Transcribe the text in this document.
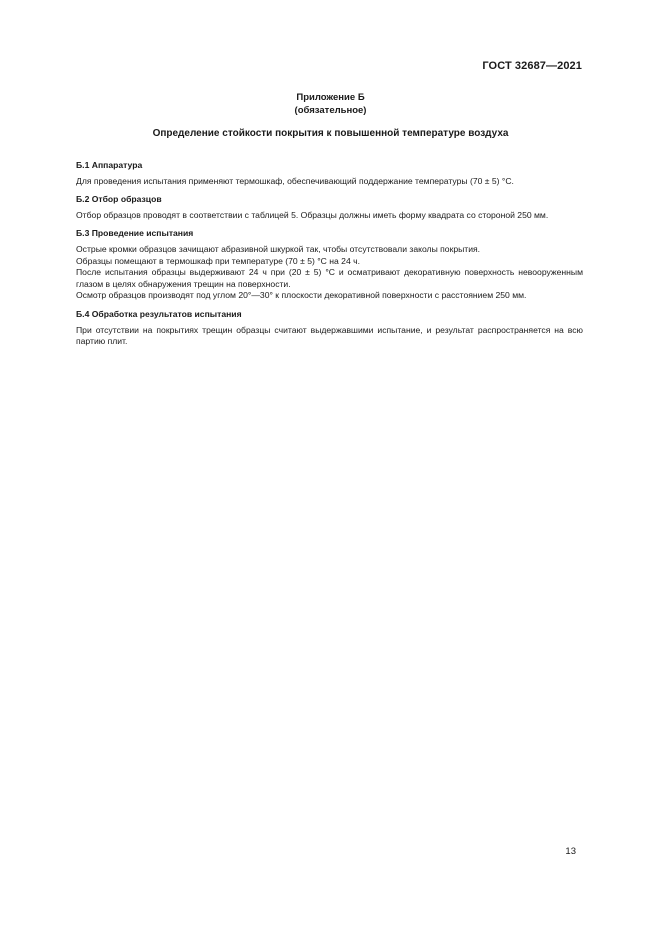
ГОСТ 32687—2021
Приложение Б
(обязательное)
Определение стойкости покрытия к повышенной температуре воздуха
Б.1 Аппаратура

Для проведения испытания применяют термошкаф, обеспечивающий поддержание температуры (70 ± 5) °С.

Б.2 Отбор образцов

Отбор образцов проводят в соответствии с таблицей 5. Образцы должны иметь форму квадрата со стороной 250 мм.

Б.3 Проведение испытания

Острые кромки образцов зачищают абразивной шкуркой так, чтобы отсутствовали заколы покрытия.

Образцы помещают в термошкаф при температуре (70 ± 5) °С на 24 ч.

После испытания образцы выдерживают 24 ч при (20 ± 5) °С и осматривают декоративную поверхность невооруженным глазом в целях обнаружения трещин на поверхности.

Осмотр образцов производят под углом 20°—30° к плоскости декоративной поверхности с расстоянием 250 мм.

Б.4 Обработка результатов испытания

При отсутствии на покрытиях трещин образцы считают выдержавшими испытание, и результат распространяется на всю партию плит.

13
